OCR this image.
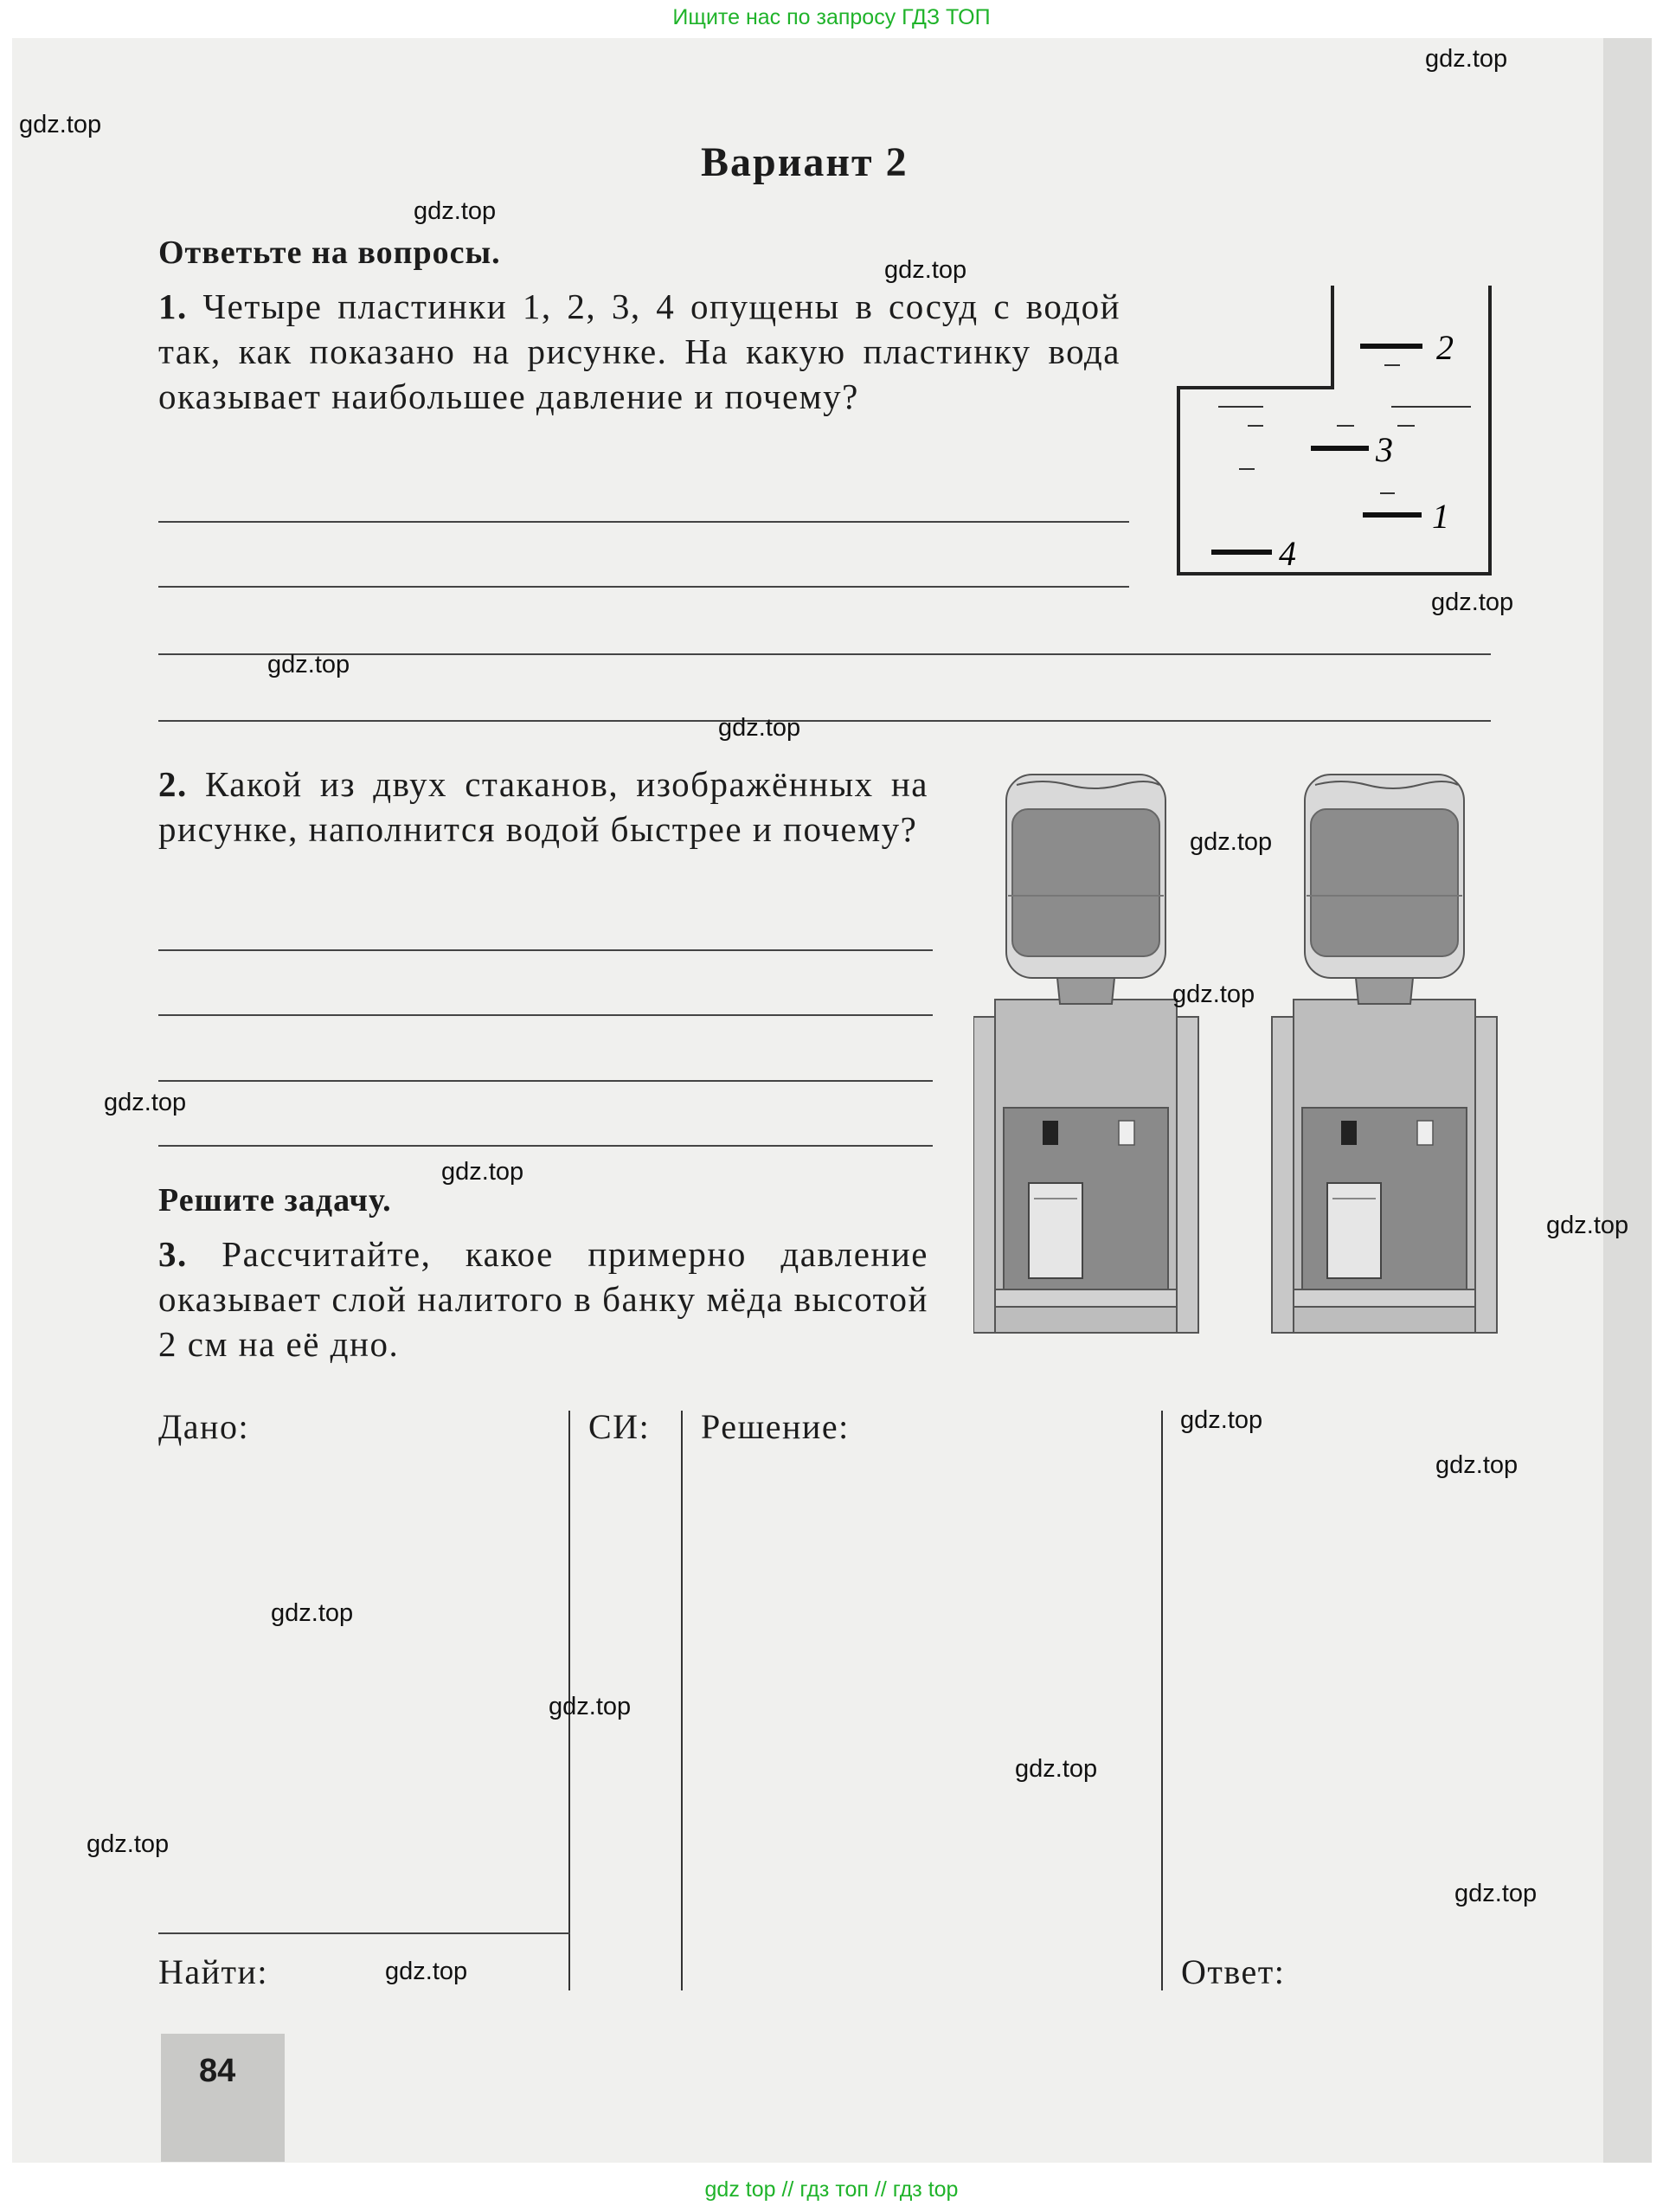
Ищите нас по запросу ГДЗ ТОП
Вариант 2
Ответьте на вопросы.
1. Четыре пластинки 1, 2, 3, 4 опущены в сосуд с водой так, как показано на рисунке. На какую пластинку вода оказывает наибольшее давление и почему?
2
3
1
4
2. Какой из двух стаканов, изображённых на рисунке, наполнится водой быстрее и почему?
Решите задачу.
3. Рассчитайте, какое примерно давление оказывает слой налитого в банку мёда высотой 2 см на её дно.
Дано:	СИ: Решение:
Найти:	Ответ:
84
gdz.top
gdz.top
gdz.top
gdz.top
gdz.top
gdz.top
gdz.top
gdz.top
gdz.top
gdz.top
gdz.top
gdz.top
gdz.top
gdz.top
gdz.top
gdz.top
gdz.top
gdz.top
gdz.top
gdz.top
gdz top // гдз топ // гдз top
